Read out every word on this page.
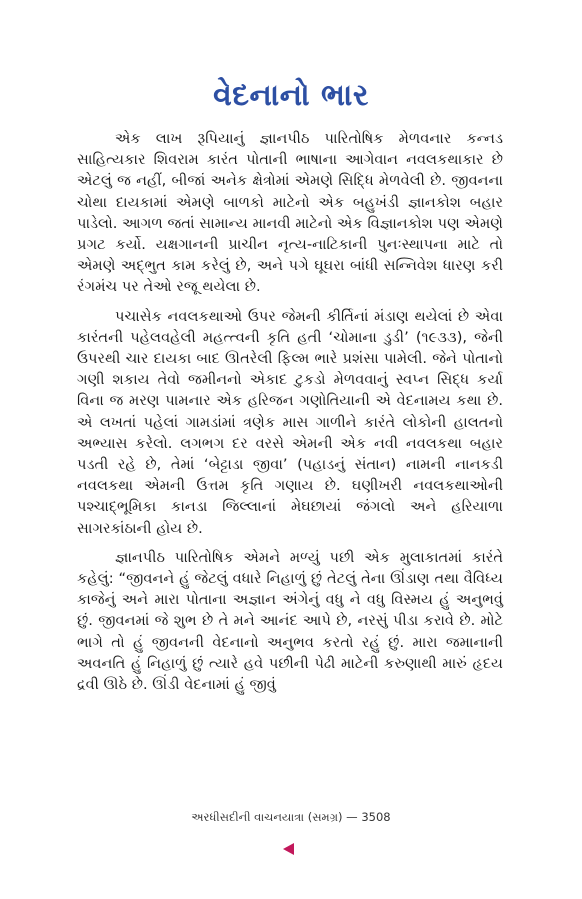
વેદનાનો ભાર

એક લાખ રૂપિયાનું જ્ઞાનપીઠ પારિતોષિક મેળવનાર કન્નડ સાહિત્યકાર શિવરામ કારંત પોતાની ભાષાના આગેવાન નવલકથાકાર છે એટલું જ નહીં, બીજાં અનેક ક્ષેત્રોમાં એમણે સિદ્ધિ મેળવેલી છે. જીવનના ચોથા દાયકામાં એમણે બાળકો માટેનો એક બહુખંડી જ્ઞાનકોશ બહાર પાડેલો. આગળ જતાં સામાન્ય માનવી માટેનો એક વિજ્ઞાનકોશ પણ એમણે પ્રગટ કર્યો. યક્ષગાનની પ્રાચીન નૃત્ય-નાટિકાની પુનઃસ્થાપના માટે તો એમણે અદ્ભુત કામ કરેલું છે, અને પગે ઘૂઘરા બાંધી સન્નિવેશ ધારણ કરી રંગમંચ પર તેઓ રજૂ થયેલા છે.

પચાસેક નવલકથાઓ ઉપર જેમની કીર્તિનાં મંડાણ થયેલાં છે એવા કારંતની પહેલવહેલી મહત્ત્વની કૃતિ હતી ‘ચોમાના ડુડી’ (૧૯૩૩), જેની ઉપરથી ચાર દાયકા બાદ ઊતરેલી ફિલ્મ ભારે પ્રશંસા પામેલી. જેને પોતાનો ગણી શકાય તેવો જમીનનો એકાદ ટુકડો મેળવવાનું સ્વપ્ન સિદ્ધ કર્યા વિના જ મરણ પામનાર એક હરિજન ગણોતિયાની એ વેદનામય કથા છે. એ લખતાં પહેલાં ગામડાંમાં ત્રણેક માસ ગાળીને કારંતે લોકોની હાલતનો અભ્યાસ કરેલો. લગભગ દર વરસે એમની એક નવી નવલકથા બહાર પડતી રહે છે, તેમાં ‘બેટ્ટાડા જીવા’ (પહાડનું સંતાન) નામની નાનકડી નવલકથા એમની ઉત્તમ કૃતિ ગણાય છે. ઘણીખરી નવલકથાઓની પશ્ચાદ્ભૂમિકા કાનડા જિલ્લાનાં મેઘછાયાં જંગલો અને હરિયાળા સાગરકાંઠાની હોય છે.

જ્ઞાનપીઠ પારિતોષિક એમને મળ્યું પછી એક મુલાકાતમાં કારંતે કહેલું: “જીવનને હું જેટલું વધારે નિહાળું છું તેટલું તેના ઊંડાણ તથા વૈવિધ્ય કાજેનું અને મારા પોતાના અજ્ઞાન અંગેનું વધુ ને વધુ વિસ્મય હું અનુભવું છું. જીવનમાં જે શુભ છે તે મને આનંદ આપે છે, નરસું પીડા કરાવે છે. મોટે ભાગે તો હું જીવનની વેદનાનો અનુભવ કરતો રહું છું. મારા જમાનાની અવનતિ હું નિહાળું છું ત્યારે હવે પછીની પેઢી માટેની કરુણાથી મારું હૃદય દ્રવી ઊઠે છે. ઊંડી વેદનામાં હું જીવું

અરધીસદીની વાચનયાત્રા (સમગ્ર) — 3508
